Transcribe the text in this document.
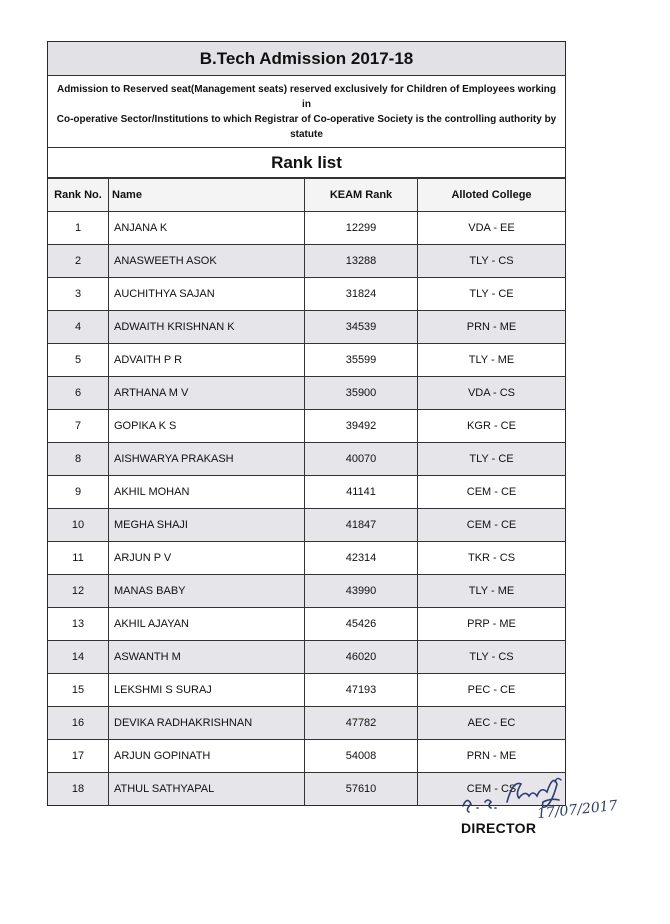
B.Tech Admission 2017-18
Admission to Reserved seat(Management seats) reserved exclusively for Children of Employees working in
Co-operative Sector/Institutions to which Registrar of Co-operative Society is the controlling authority by
statute
Rank list
Rank No.	Name	KEAM Rank	Alloted College
1	ANJANA K	12299	VDA - EE
2	ANASWEETH ASOK	13288	TLY - CS
3	AUCHITHYA SAJAN	31824	TLY - CE
4	ADWAITH KRISHNAN K	34539	PRN - ME
5	ADVAITH P R	35599	TLY - ME
6	ARTHANA M V	35900	VDA - CS
7	GOPIKA K S	39492	KGR - CE
8	AISHWARYA PRAKASH	40070	TLY - CE
9	AKHIL MOHAN	41141	CEM - CE
10	MEGHA SHAJI	41847	CEM - CE
11	ARJUN P V	42314	TKR - CS
12	MANAS BABY	43990	TLY - ME
13	AKHIL AJAYAN	45426	PRP - ME
14	ASWANTH M	46020	TLY - CS
15	LEKSHMI S SURAJ	47193	PEC - CE
16	DEVIKA RADHAKRISHNAN	47782	AEC - EC
17	ARJUN GOPINATH	54008	PRN - ME
18	ATHUL SATHYAPAL	57610	CEM - CS
17/07/2017
DIRECTOR
